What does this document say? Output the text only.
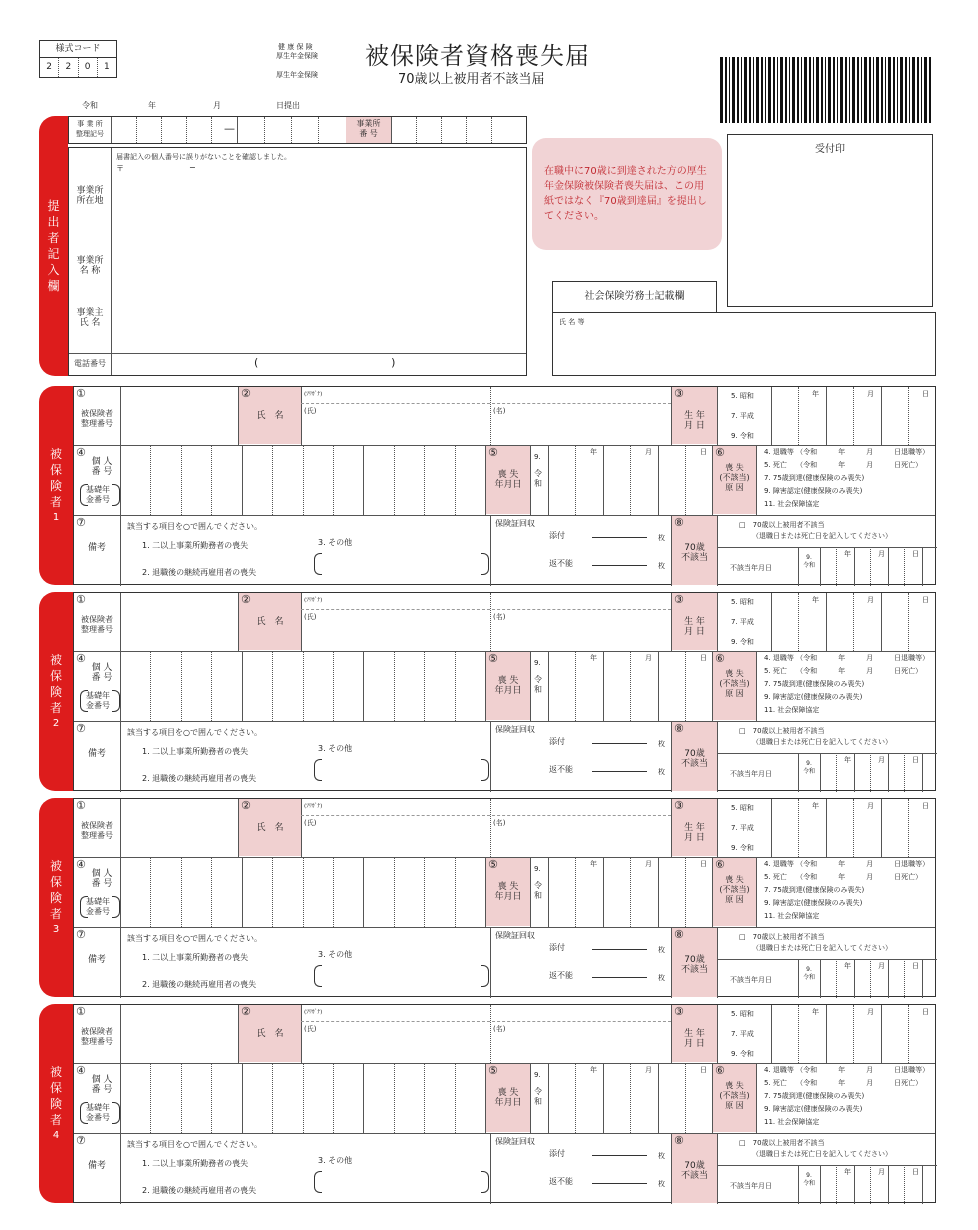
様式コード
2	2	0	1
健 康 保 険
厚生年金保険
厚生年金保険
被保険者資格喪失届
70歳以上被用者不該当届
令和	年	月	日提出
提
出
者
記
入
欄
事 業 所
整理記号	—	事業所
番 号
届書記入の個人番号に誤りがないことを確認しました。
〒	−
事業所
所在地
事業所
名 称
事業主
氏 名
電話番号	(                                      )
在職中に70歳に到達された方の厚生年金保険被保険者喪失届は、この用紙ではなく『70歳到達届』を提出してください。
受付印
社会保険労務士記載欄
氏 名 等
被
保
険
者
1
①
被保険者
整理番号
②
氏　名
(ﾌﾘｶﾞﾅ)
(氏)	(名)
③
生 年
月 日
5. 昭和
7. 平成
9. 令和
年	月	日
④
個 人
番 号
基礎年
金番号
⑤
喪 失
年月日
9.
令
和
年	月	日 ⑥
喪 失
(不該当)
原 因
4. 退職等 （令和　　　年　　　月　　　日退職等）
5. 死亡　 （令和　　　年　　　月　　　日死亡）
7. 75歳到達(健康保険のみ喪失)
9. 障害認定(健康保険のみ喪失)
11. 社会保障協定
⑦
備考
該当する項目を○で囲んでください。
1. 二以上事業所勤務者の喪失	3. その他
2. 退職後の継続再雇用者の喪失
保険証回収
添付	枚
返不能	枚
⑧
70歳
不該当
□　70歳以上被用者不該当
（退職日または死亡日を記入してください）
不該当年月日
9.
令和
年	月	日
被
保
険
者
2
①
被保険者
整理番号
②
氏　名
(ﾌﾘｶﾞﾅ)
(氏)	(名)
③
生 年
月 日
5. 昭和
7. 平成
9. 令和
年	月	日
④
個 人
番 号
基礎年
金番号
⑤
喪 失
年月日
9.
令
和
年	月	日 ⑥
喪 失
(不該当)
原 因
4. 退職等 （令和　　　年　　　月　　　日退職等）
5. 死亡　 （令和　　　年　　　月　　　日死亡）
7. 75歳到達(健康保険のみ喪失)
9. 障害認定(健康保険のみ喪失)
11. 社会保障協定
⑦
備考
該当する項目を○で囲んでください。
1. 二以上事業所勤務者の喪失	3. その他
2. 退職後の継続再雇用者の喪失
保険証回収
添付	枚
返不能	枚
⑧
70歳
不該当
□　70歳以上被用者不該当
（退職日または死亡日を記入してください）
不該当年月日
9.
令和
年	月	日
被
保
険
者
3
①
被保険者
整理番号
②
氏　名
(ﾌﾘｶﾞﾅ)
(氏)	(名)
③
生 年
月 日
5. 昭和
7. 平成
9. 令和
年	月	日
④
個 人
番 号
基礎年
金番号
⑤
喪 失
年月日
9.
令
和
年	月	日 ⑥
喪 失
(不該当)
原 因
4. 退職等 （令和　　　年　　　月　　　日退職等）
5. 死亡　 （令和　　　年　　　月　　　日死亡）
7. 75歳到達(健康保険のみ喪失)
9. 障害認定(健康保険のみ喪失)
11. 社会保障協定
⑦
備考
該当する項目を○で囲んでください。
1. 二以上事業所勤務者の喪失	3. その他
2. 退職後の継続再雇用者の喪失
保険証回収
添付	枚
返不能	枚
⑧
70歳
不該当
□　70歳以上被用者不該当
（退職日または死亡日を記入してください）
不該当年月日
9.
令和
年	月	日
被
保
険
者
4
①
被保険者
整理番号
②
氏　名
(ﾌﾘｶﾞﾅ)
(氏)	(名)
③
生 年
月 日
5. 昭和
7. 平成
9. 令和
年	月	日
④
個 人
番 号
基礎年
金番号
⑤
喪 失
年月日
9.
令
和
年	月	日 ⑥
喪 失
(不該当)
原 因
4. 退職等 （令和　　　年　　　月　　　日退職等）
5. 死亡　 （令和　　　年　　　月　　　日死亡）
7. 75歳到達(健康保険のみ喪失)
9. 障害認定(健康保険のみ喪失)
11. 社会保障協定
⑦
備考
該当する項目を○で囲んでください。
1. 二以上事業所勤務者の喪失	3. その他
2. 退職後の継続再雇用者の喪失
保険証回収
添付	枚
返不能	枚
⑧
70歳
不該当
□　70歳以上被用者不該当
（退職日または死亡日を記入してください）
不該当年月日
9.
令和
年	月	日
